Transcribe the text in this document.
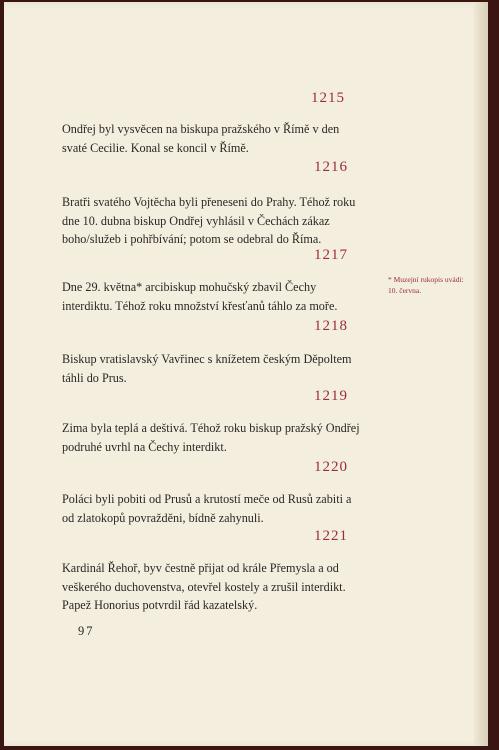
1215

Ondřej byl vysvěcen na biskupa pražského v Římě v den svaté Cecilie. Konal se koncil v Římě.

1216

Bratři svatého Vojtěcha byli přeneseni do Prahy. Téhož roku dne 10. dubna biskup Ondřej vyhlásil v Čechách zákaz boho/služeb i pohřbívání; potom se odebral do Říma.

1217

Dne 29. května* arcibiskup mohučský zbavil Čechy interdiktu. Téhož roku množství křesťanů táhlo za moře.

1218

Biskup vratislavský Vavřinec s knížetem českým Děpoltem táhli do Prus.

1219

Zima byla teplá a deštivá. Téhož roku biskup pražský Ondřej podruhé uvrhl na Čechy interdikt.

1220

Poláci byli pobiti od Prusů a krutostí meče od Rusů zabiti a od zlatokopů povražděni, bídně zahynuli.

1221

Kardinál Řehoř, byv čestně přijat od krále Přemysla a od veškerého duchovenstva, otevřel kostely a zrušil interdikt. Papež Honorius potvrdil řád kazatelský.

* Muzejní rukopis uvádí: 10. června.
97
